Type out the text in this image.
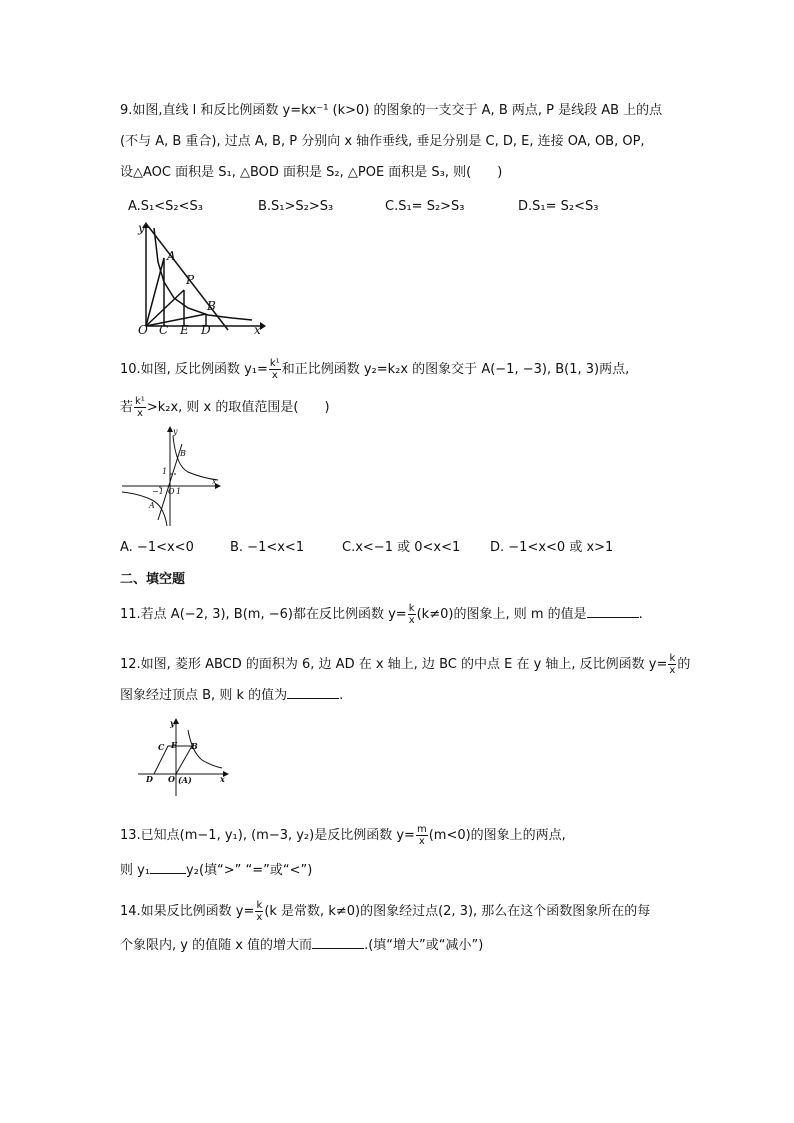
9.如图,直线 l 和反比例函数 y=kx⁻¹ (k>0) 的图象的一支交于 A, B 两点, P 是线段 AB 上的点
(不与 A, B 重合), 过点 A, B, P 分别向 x 轴作垂线, 垂足分别是 C, D, E, 连接 OA, OB, OP,
设△AOC 面积是 S₁, △BOD 面积是 S₂, △POE 面积是 S₃, 则(　　)
A.S₁<S₂<S₃	B.S₁>S₂>S₃	C.S₁= S₂>S₃	D.S₁= S₂<S₃
y
x
O C E D
A
P
B
10.如图, 反比例函数 $y_1= \frac{\text{k¹}}{x}$ 和正比例函数 y₂=k₂x 的图象交于 A(−1, −3), B(1, 3)两点,
若 $\frac{\text{k¹}}{x} >k_2x$, 则 x 的取值范围是(　　)
y
x
B
A
O
1
1
−1
A. −1<x<0	B. −1<x<1	C.x<−1 或 0<x<1 D. −1<x<0 或 x>1
二、填空题
11.若点 A(−2, 3), B(m, −6)都在反比例函数 $y= \frac{k}{x} (k\ne 0)$的图象上, 则 m 的值是	.
12.如图, 菱形 ABCD 的面积为 6, 边 AD 在 x 轴上, 边 BC 的中点 E 在 y 轴上, 反比例函数 $y= \frac{k}{x}$ 的
图象经过顶点 B, 则 k 的值为	.
y
x
C E B
D O (A)
13.已知点(m−1, y₁), (m−3, y₂)是反比例函数 $y= \frac{m}{x} (m<0)$的图象上的两点,
则 y₁	y₂(填“>” “=”或“<”)
14.如果反比例函数 $y= \frac{k}{x} (k$ 是常数, k≠0)的图象经过点(2, 3), 那么在这个函数图象所在的每
个象限内, y 的值随 x 值的增大而	.(填“增大”或“减小”)
